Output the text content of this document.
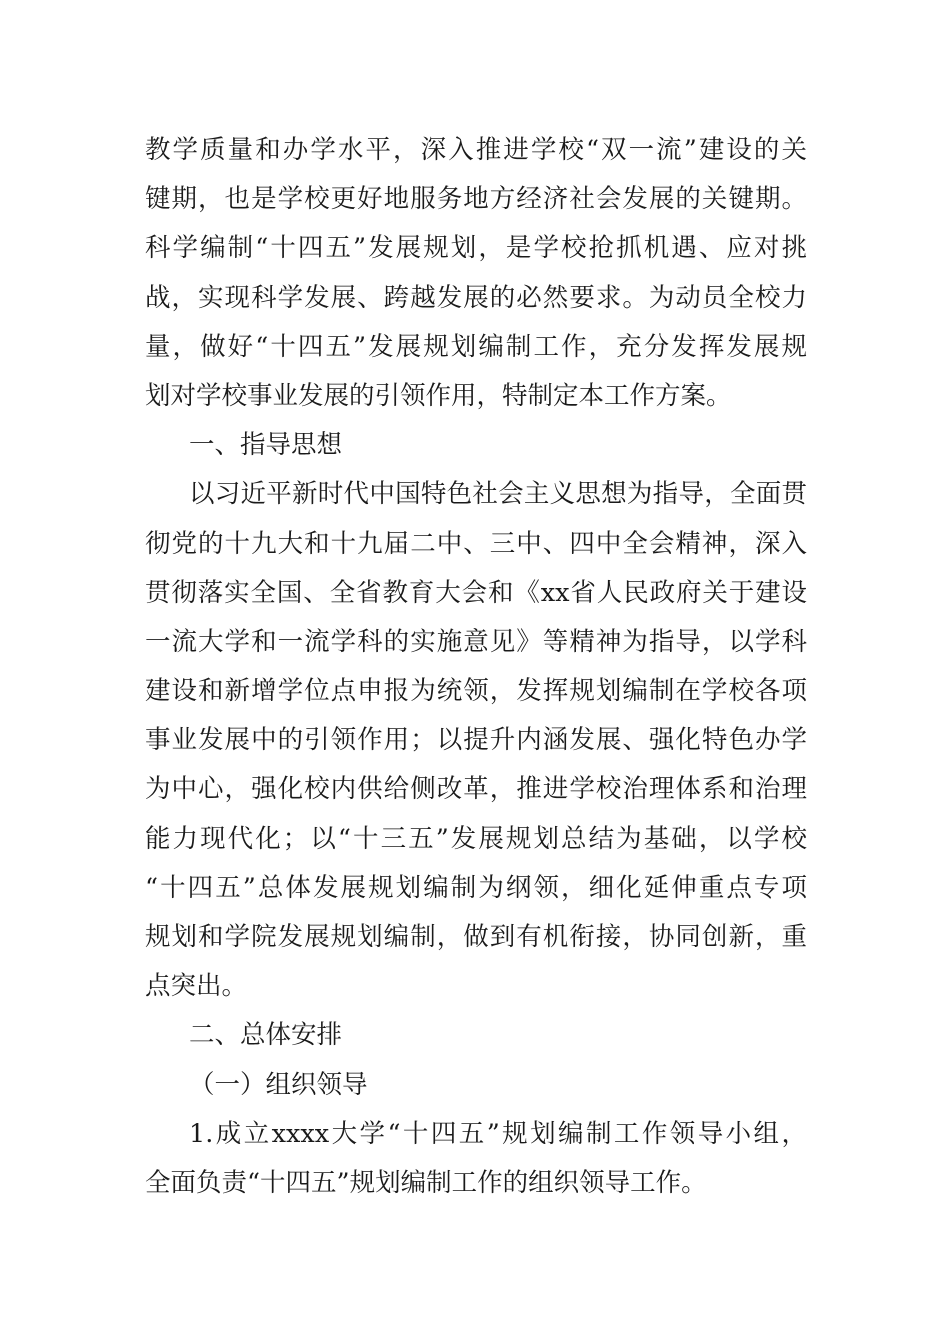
教学质量和办学水平，深入推进学校“双一流”建设的关
键期，也是学校更好地服务地方经济社会发展的关键期。
科学编制“十四五”发展规划，是学校抢抓机遇、应对挑
战，实现科学发展、跨越发展的必然要求。为动员全校力
量，做好“十四五”发展规划编制工作，充分发挥发展规
划对学校事业发展的引领作用，特制定本工作方案。
一、指导思想
以习近平新时代中国特色社会主义思想为指导，全面贯
彻党的十九大和十九届二中、三中、四中全会精神，深入
贯彻落实全国、全省教育大会和《xx省人民政府关于建设
一流大学和一流学科的实施意见》等精神为指导，以学科
建设和新增学位点申报为统领，发挥规划编制在学校各项
事业发展中的引领作用；以提升内涵发展、强化特色办学
为中心，强化校内供给侧改革，推进学校治理体系和治理
能力现代化；以“十三五”发展规划总结为基础，以学校
“十四五”总体发展规划编制为纲领，细化延伸重点专项
规划和学院发展规划编制，做到有机衔接，协同创新，重
点突出。
二、总体安排
（一）组织领导
1.成立xxxx大学“十四五”规划编制工作领导小组，
全面负责“十四五”规划编制工作的组织领导工作。
